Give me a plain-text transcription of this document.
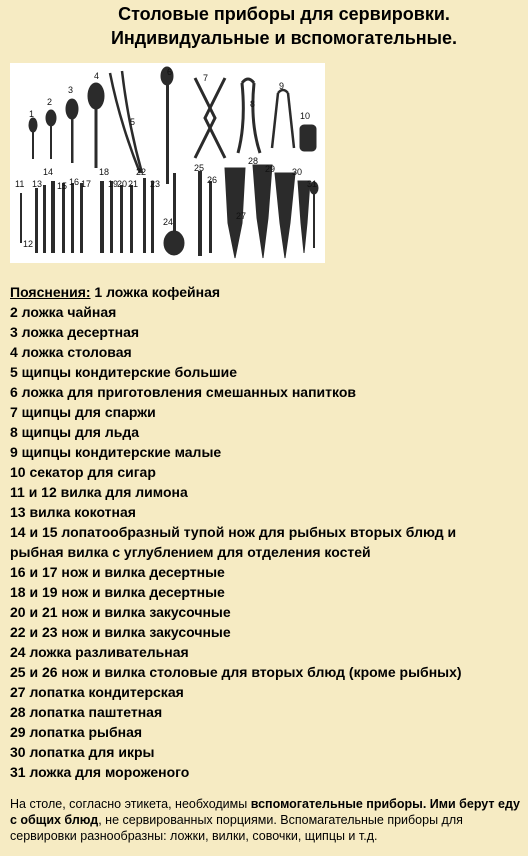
Столовые приборы для сервировки.
Индивидуальные и вспомогательные.
1
2
3
4
5
6
7
8
9
10
11
12
13
14
15 16 17
18
19
20 21
22
23
24
25
26
27
28
29 30
31
Пояснения: 1 ложка кофейная
2 ложка чайная
3 ложка десертная
4 ложка столовая
5 щипцы кондитерские большие
6 ложка для приготовления смешанных напитков
7 щипцы для спаржи
8 щипцы для льда
9 щипцы кондитерские малые
10 секатор для сигар
11 и 12 вилка для лимона
13 вилка кокотная
14 и 15 лопатообразный тупой нож для рыбных вторых блюд и
рыбная вилка с углублением для отделения костей
16 и 17 нож и вилка десертные
18 и 19 нож и вилка десертные
20 и 21 нож и вилка закусочные
22 и 23 нож и вилка закусочные
24 ложка разливательная
25 и 26 нож и вилка столовые для вторых блюд (кроме рыбных)
27 лопатка кондитерская
28 лопатка паштетная
29 лопатка рыбная
30 лопатка для икры
31 ложка для мороженого

На столе, согласно этикета, необходимы вспомогательные приборы. Ими берут еду с общих блюд, не сервированных порциями. Вспомагательные приборы для сервировки разнообразны: ложки, вилки, совочки, щипцы и т.д.
